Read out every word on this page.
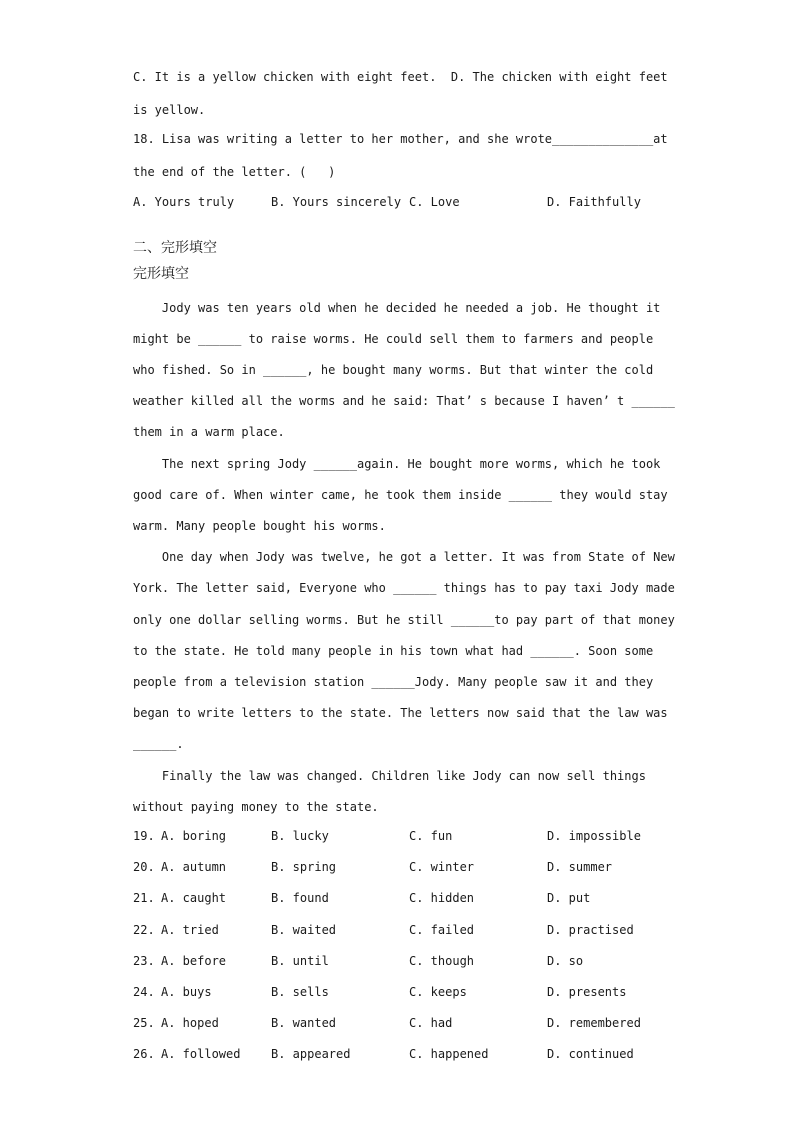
C. It is a yellow chicken with eight feet.  D. The chicken with eight feet
is yellow.
18. Lisa was writing a letter to her mother, and she wrote______________at
the end of the letter. (   )
A. Yours truly	B. Yours sincerely C. Love	D. Faithfully
二、完形填空
完形填空
Jody was ten years old when he decided he needed a job. He thought it
might be ______ to raise worms. He could sell them to farmers and people
who fished. So in ______, he bought many worms. But that winter the cold
weather killed all the worms and he said: That’ s because I haven’ t ______
them in a warm place.
The next spring Jody ______again. He bought more worms, which he took
good care of. When winter came, he took them inside ______ they would stay
warm. Many people bought his worms.
One day when Jody was twelve, he got a letter. It was from State of New
York. The letter said, Everyone who ______ things has to pay taxi Jody made
only one dollar selling worms. But he still ______to pay part of that money
to the state. He told many people in his town what had ______. Soon some
people from a television station ______Jody. Many people saw it and they
began to write letters to the state. The letters now said that the law was
______.
Finally the law was changed. Children like Jody can now sell things
without paying money to the state.
19. A. boring	B. lucky	C. fun	D. impossible
20. A. autumn	B. spring	C. winter	D. summer
21. A. caught	B. found	C. hidden	D. put
22. A. tried	B. waited	C. failed	D. practised
23. A. before	B. until	C. though	D. so
24. A. buys	B. sells	C. keeps	D. presents
25. A. hoped	B. wanted	C. had	D. remembered
26. A. followed	B. appeared	C. happened	D. continued
